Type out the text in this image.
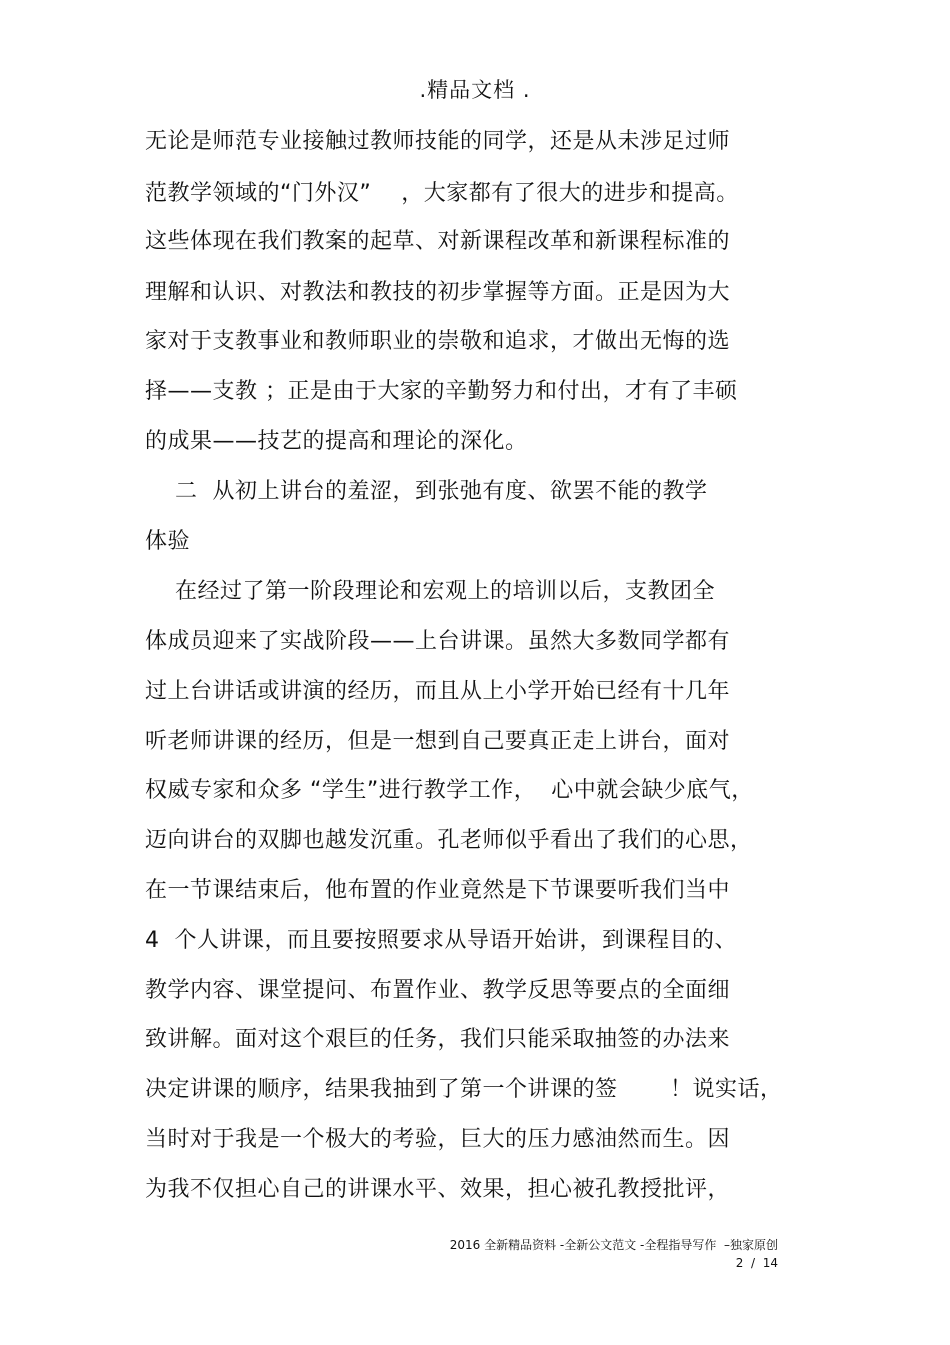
.精品文档 .
无论是师范专业接触过教师技能的同学，还是从未涉足过师
范教学领域的“门外汉”    ，大家都有了很大的进步和提高。
这些体现在我们教案的起草、对新课程改革和新课程标准的
理解和认识、对教法和教技的初步掌握等方面。正是因为大
家对于支教事业和教师职业的崇敬和追求，才做出无悔的选
择——支教 ；正是由于大家的辛勤努力和付出，才有了丰硕
的成果——技艺的提高和理论的深化。
二  从初上讲台的羞涩，到张弛有度、欲罢不能的教学
体验
在经过了第一阶段理论和宏观上的培训以后，支教团全
体成员迎来了实战阶段——上台讲课。虽然大多数同学都有
过上台讲话或讲演的经历，而且从上小学开始已经有十几年
听老师讲课的经历，但是一想到自己要真正走上讲台，面对
权威专家和众多 “学生”进行教学工作，  心中就会缺少底气，
迈向讲台的双脚也越发沉重。孔老师似乎看出了我们的心思，
在一节课结束后，他布置的作业竟然是下节课要听我们当中
4  个人讲课，而且要按照要求从导语开始讲，到课程目的、
教学内容、课堂提问、布置作业、教学反思等要点的全面细
致讲解。面对这个艰巨的任务，我们只能采取抽签的办法来
决定讲课的顺序，结果我抽到了第一个讲课的签       ！说实话，
当时对于我是一个极大的考验，巨大的压力感油然而生。因
为我不仅担心自己的讲课水平、效果，担心被孔教授批评，
2016 全新精品资料 -全新公文范文 -全程指导写作  –独家原创
2  /  14
